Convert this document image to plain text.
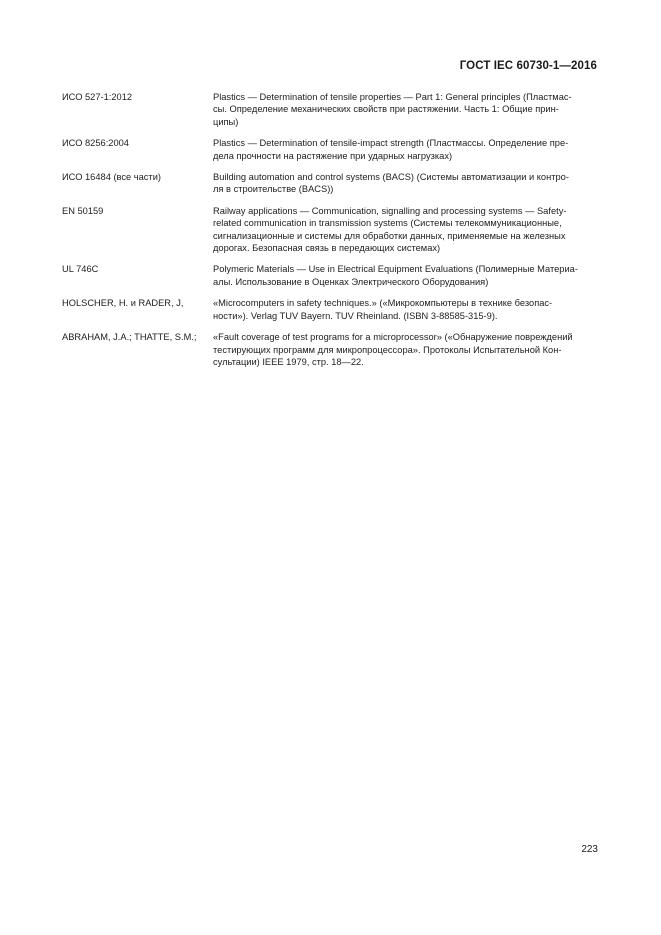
ГОСТ IEC 60730-1—2016
ИСО 527-1:2012	Plastics — Determination of tensile properties — Part 1: General principles (Пластмас-
сы. Определение механических свойств при растяжении. Часть 1: Общие прин-
ципы)
ИСО 8256:2004	Plastics — Determination of tensile-impact strength (Пластмассы. Определение пре-
дела прочности на растяжение при ударных нагрузках)
ИСО 16484 (все части)	Building automation and control systems (BACS) (Системы автоматизации и контро-
ля в строительстве (BACS))
EN 50159	Railway applications — Communication, signalling and processing systems — Safety-
related communication in transmission systems (Системы телекоммуникационные,
сигнализационные и системы для обработки данных, применяемые на железных
дорогах. Безопасная связь в передающих системах)
UL 746C	Polymeric Materials — Use in Electrical Equipment Evaluations (Полимерные Материа-
алы. Использование в Оценках Электрического Оборудования)
HOLSCHER, H. и RADER, J,	«Microcomputers in safety techniques.» («Микрокомпьютеры в технике безопас-
ности»). Verlag TUV Bayern. TUV Rheinland. (ISBN 3-88585-315-9).
ABRAHAM, J.A.; THATTE, S.M.;	«Fault coverage of test programs for a microprocessor» («Обнаружение повреждений
тестирующих программ для микропроцессора». Протоколы Испытательной Кон-
сультации) IEEE 1979, стр. 18—22.
223
